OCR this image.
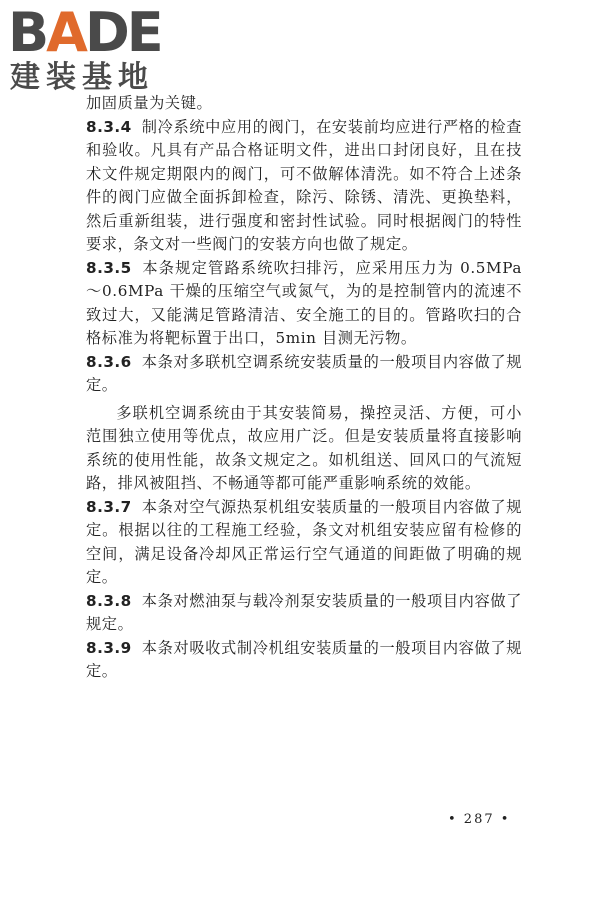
BADE
建装基地

加固质量为关键。

8.3.4 制冷系统中应用的阀门，在安装前均应进行严格的检查和验收。凡具有产品合格证明文件，进出口封闭良好，且在技术文件规定期限内的阀门，可不做解体清洗。如不符合上述条件的阀门应做全面拆卸检查，除污、除锈、清洗、更换垫料，然后重新组装，进行强度和密封性试验。同时根据阀门的特性要求，条文对一些阀门的安装方向也做了规定。

8.3.5 本条规定管路系统吹扫排污，应采用压力为 0.5MPa～0.6MPa 干燥的压缩空气或氮气，为的是控制管内的流速不致过大，又能满足管路清洁、安全施工的目的。管路吹扫的合格标准为将靶标置于出口，5min 目测无污物。

8.3.6 本条对多联机空调系统安装质量的一般项目内容做了规定。

多联机空调系统由于其安装简易，操控灵活、方便，可小范围独立使用等优点，故应用广泛。但是安装质量将直接影响系统的使用性能，故条文规定之。如机组送、回风口的气流短路，排风被阻挡、不畅通等都可能严重影响系统的效能。

8.3.7 本条对空气源热泵机组安装质量的一般项目内容做了规定。根据以往的工程施工经验，条文对机组安装应留有检修的空间，满足设备冷却风正常运行空气通道的间距做了明确的规定。

8.3.8 本条对燃油泵与载冷剂泵安装质量的一般项目内容做了规定。

8.3.9 本条对吸收式制冷机组安装质量的一般项目内容做了规定。

• 287 •
